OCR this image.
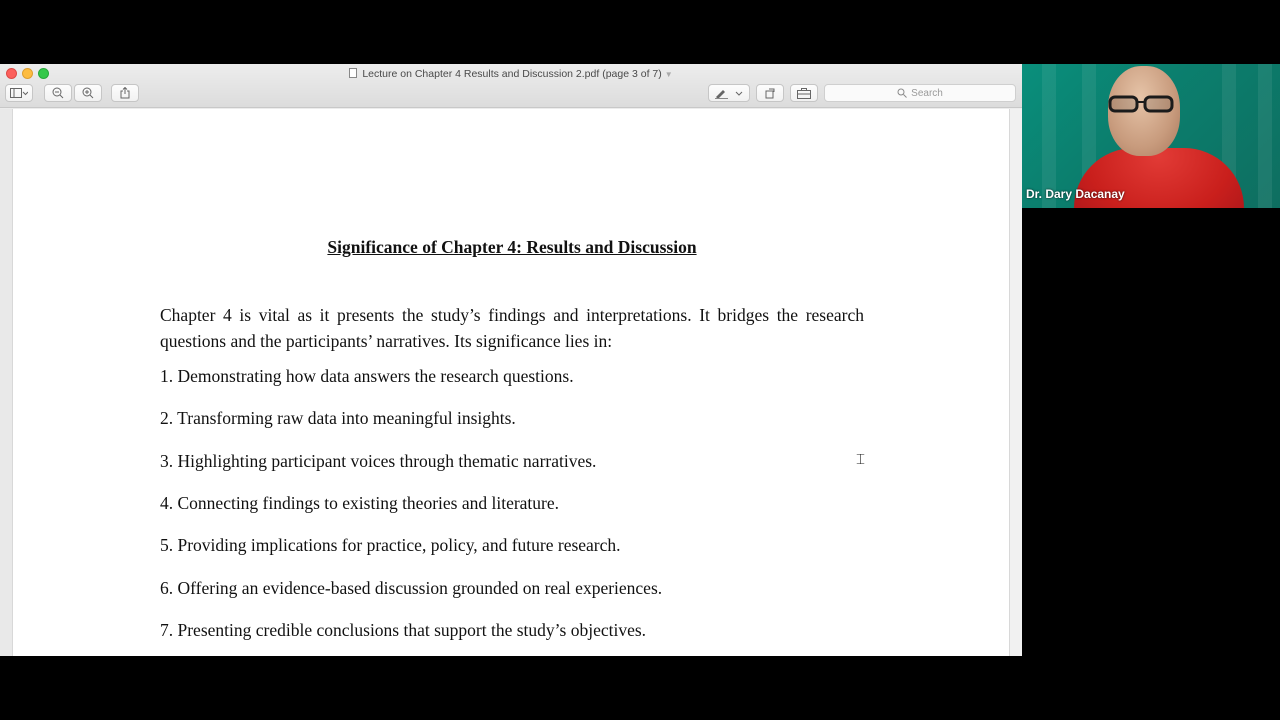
Lecture on Chapter 4 Results and Discussion 2.pdf (page 3 of 7) ▼
Search
Significance of Chapter 4: Results and Discussion
Chapter 4 is vital as it presents the study’s findings and interpretations. It bridges the research questions and the participants’ narratives. Its significance lies in:
1. Demonstrating how data answers the research questions.
2. Transforming raw data into meaningful insights.
3. Highlighting participant voices through thematic narratives.
4. Connecting findings to existing theories and literature.
5. Providing implications for practice, policy, and future research.
6. Offering an evidence-based discussion grounded on real experiences.
7. Presenting credible conclusions that support the study’s objectives.
⌶
Dr. Dary Dacanay
